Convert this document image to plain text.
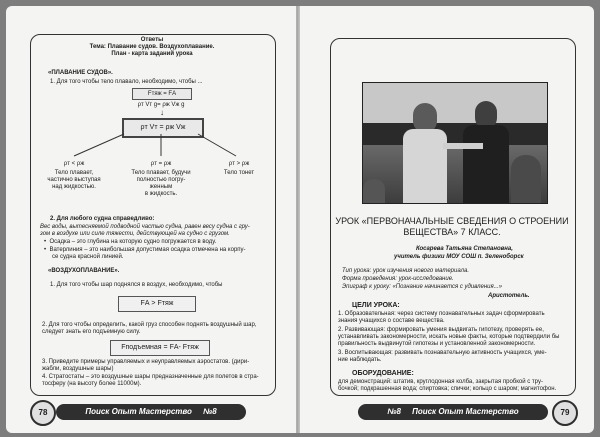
Ответы
Тема: Плавание судов. Воздухоплавание.
План - карта заданий урока
«ПЛАВАНИЕ СУДОВ».
1. Для того чтобы тело плавало, необходимо, чтобы ...
Fтяж = FА
ρт Vт g= ρж Vж g
↓
ρт Vт = ρж Vж
ρт < ρж
Тело плавает,
частично выступая
над жидкостью.
ρт = ρж
Тело плавает, будучи
полностью погру-
женным
в жидкость.
ρт > ρж
Тело тонет
2. Для любого судна справедливо:
Вес воды, вытесняемой подводной частью судна, равен весу судна с гру-
зом в воздухе или силе тяжести, действующей на судно с грузом.
•  Осадка – это глубина на которую судно погружается в воду.
•  Ватерлиния – это наибольшая допустимая осадка отмечена на корпу-
се судна красной линией.
«ВОЗДУХОПЛАВАНИЕ».
1. Для того чтобы шар поднялся в воздух, необходимо, чтобы
FА > Fтяж
2. Для того чтобы определить, какой груз способен поднять воздушный шар,
следует знать его подъемную силу.
Fподъемная = FА- Fтяж
3. Приведите примеры управляемых и неуправляемых аэростатов. (дири-
жабли, воздушные шары)
4. Стратостаты – это воздушные шары предназначенные для полетов в стра-
тосферу (на высоту более 11000м).
78	Поиск Опыт Мастерство №8
УРОК «ПЕРВОНАЧАЛЬНЫЕ СВЕДЕНИЯ О СТРОЕНИИ
ВЕЩЕСТВА» 7 КЛАСС.
Косарева Татьяна Степановна,
учитель физики МОУ СОШ п. Зеленоборск
Тип урока: урок изучения нового материала.
Форма проведения: урок-исследование.
Эпиграф к уроку: «Познание начинается с удивления...»
Аристотель.
ЦЕЛИ УРОКА:
1. Образовательная: через систему познавательных задач сформировать
знания учащихся о составе вещества.
2. Развивающая: формировать умения выдвигать гипотезу, проверять ее,
устанавливать закономерности, искать новые факты, которые подтвердили бы
правильность выдвинутой гипотезы и установленной закономерности.
3. Воспитывающая: развивать познавательную активность учащихся, уме-
ние наблюдать.
ОБОРУДОВАНИЕ:
для демонстраций: штатив, круглодонная колба, закрытая пробкой с тру-
бочкой; подкрашенная вода; спиртовка; спички; кольцо с шаром; магнитофон.
№8 Поиск Опыт Мастерство	79
